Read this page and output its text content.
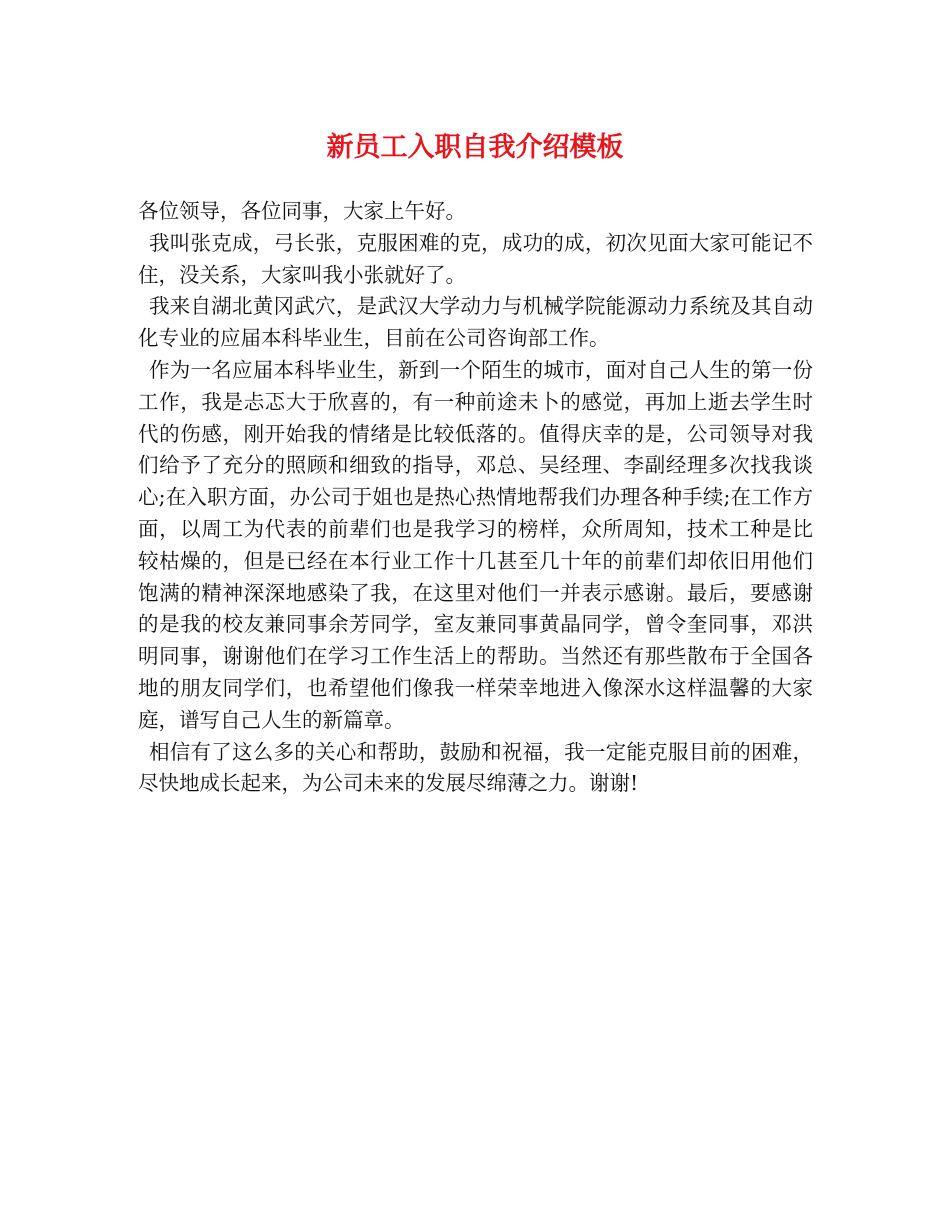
新员工入职自我介绍模板

各位领导，各位同事，大家上午好。

我叫张克成，弓长张，克服困难的克，成功的成，初次见面大家可能记不住，没关系，大家叫我小张就好了。

我来自湖北黄冈武穴，是武汉大学动力与机械学院能源动力系统及其自动化专业的应届本科毕业生，目前在公司咨询部工作。

作为一名应届本科毕业生，新到一个陌生的城市，面对自己人生的第一份工作，我是忐忑大于欣喜的，有一种前途未卜的感觉，再加上逝去学生时代的伤感，刚开始我的情绪是比较低落的。值得庆幸的是，公司领导对我们给予了充分的照顾和细致的指导，邓总、吴经理、李副经理多次找我谈心;在入职方面，办公司于姐也是热心热情地帮我们办理各种手续;在工作方面，以周工为代表的前辈们也是我学习的榜样，众所周知，技术工种是比较枯燥的，但是已经在本行业工作十几甚至几十年的前辈们却依旧用他们饱满的精神深深地感染了我，在这里对他们一并表示感谢。最后，要感谢的是我的校友兼同事余芳同学，室友兼同事黄晶同学，曾令奎同事，邓洪明同事，谢谢他们在学习工作生活上的帮助。当然还有那些散布于全国各地的朋友同学们，也希望他们像我一样荣幸地进入像深水这样温馨的大家庭，谱写自己人生的新篇章。

相信有了这么多的关心和帮助，鼓励和祝福，我一定能克服目前的困难，尽快地成长起来，为公司未来的发展尽绵薄之力。谢谢!
